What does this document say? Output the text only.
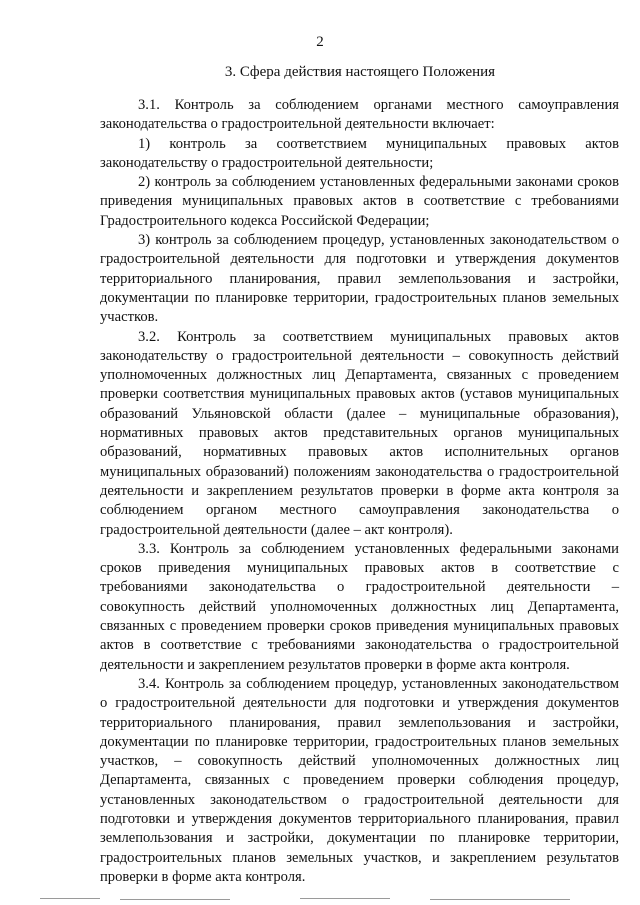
2
3. Сфера действия настоящего Положения

3.1. Контроль за соблюдением органами местного самоуправления законодательства о градостроительной деятельности включает:

1) контроль за соответствием муниципальных правовых актов законодательству о градостроительной деятельности;

2) контроль за соблюдением установленных федеральными законами сроков приведения муниципальных правовых актов в соответствие с требованиями Градостроительного кодекса Российской Федерации;

3) контроль за соблюдением процедур, установленных законодательством о градостроительной деятельности для подготовки и утверждения документов территориального планирования, правил землепользования и застройки, документации по планировке территории, градостроительных планов земельных участков.

3.2. Контроль за соответствием муниципальных правовых актов законодательству о градостроительной деятельности – совокупность действий уполномоченных должностных лиц Департамента, связанных с проведением проверки соответствия муниципальных правовых актов (уставов муниципальных образований Ульяновской области (далее – муниципальные образования), нормативных правовых актов представительных органов муниципальных образований, нормативных правовых актов исполнительных органов муниципальных образований) положениям законодательства о градостроительной деятельности и закреплением результатов проверки в форме акта контроля за соблюдением органом местного самоуправления законодательства о градостроительной деятельности (далее – акт контроля).

3.3. Контроль за соблюдением установленных федеральными законами сроков приведения муниципальных правовых актов в соответствие с требованиями законодательства о градостроительной деятельности – совокупность действий уполномоченных должностных лиц Департамента, связанных с проведением проверки сроков приведения муниципальных правовых актов в соответствие с требованиями законодательства о градостроительной деятельности и закреплением результатов проверки в форме акта контроля.

3.4. Контроль за соблюдением процедур, установленных законодательством о градостроительной деятельности для подготовки и утверждения документов территориального планирования, правил землепользования и застройки, документации по планировке территории, градостроительных планов земельных участков, – совокупность действий уполномоченных должностных лиц Департамента, связанных с проведением проверки соблюдения процедур, установленных законодательством о градостроительной деятельности для подготовки и утверждения документов территориального планирования, правил землепользования и застройки, документации по планировке территории, градостроительных планов земельных участков, и закреплением результатов проверки в форме акта контроля.
